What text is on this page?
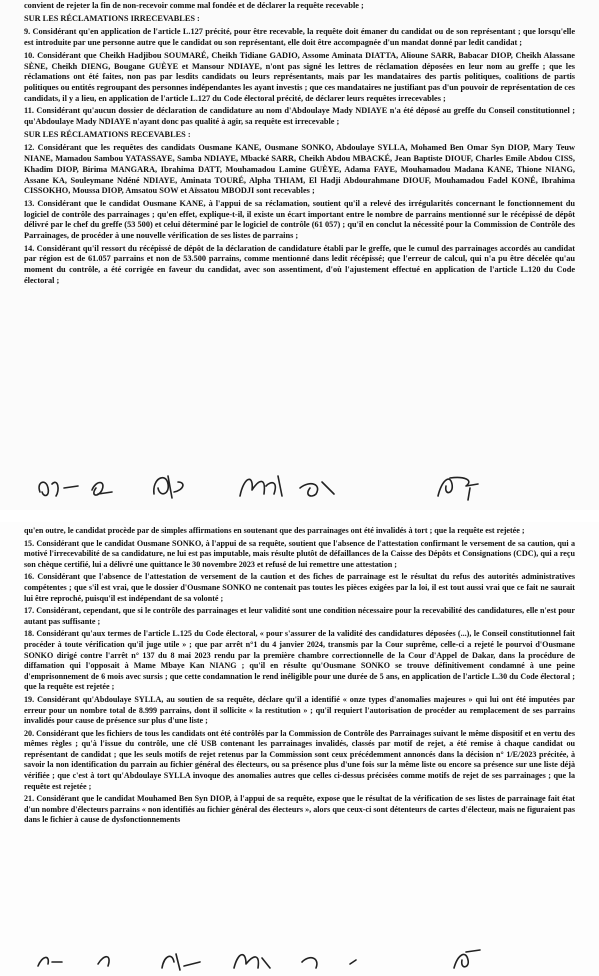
convient de rejeter la fin de non-recevoir comme mal fondée et de déclarer la requête recevable ;

SUR LES RÉCLAMATIONS IRRECEVABLES :

9. Considérant qu'en application de l'article L.127 précité, pour être recevable, la requête doit émaner du candidat ou de son représentant ; que lorsqu'elle est introduite par une personne autre que le candidat ou son représentant, elle doit être accompagnée d'un mandat donné par ledit candidat ;

10. Considérant que Cheikh Hadjibou SOUMARÉ, Cheikh Tidiane GADIO, Assome Aminata DIATTA, Alioune SARR, Babacar DIOP, Cheikh Alassane SÈNE, Cheikh DIENG, Bougane GUÈYE et Mansour NDIAYE, n'ont pas signé les lettres de réclamation déposées en leur nom au greffe ; que les réclamations ont été faites, non pas par lesdits candidats ou leurs représentants, mais par les mandataires des partis politiques, coalitions de partis politiques ou entités regroupant des personnes indépendantes les ayant investis ; que ces mandataires ne justifiant pas d'un pouvoir de représentation de ces candidats, il y a lieu, en application de l'article L.127 du Code électoral précité, de déclarer leurs requêtes irrecevables ;

11. Considérant qu'aucun dossier de déclaration de candidature au nom d'Abdoulaye Mady NDIAYE n'a été déposé au greffe du Conseil constitutionnel ; qu'Abdoulaye Mady NDIAYE n'ayant donc pas qualité à agir, sa requête est irrecevable ;

SUR LES RÉCLAMATIONS RECEVABLES :

12. Considérant que les requêtes des candidats Ousmane KANE, Ousmane SONKO, Abdoulaye SYLLA, Mohamed Ben Omar Syn DIOP, Mary Teuw NIANE, Mamadou Sambou YATASSAYE, Samba NDIAYE, Mbacké SARR, Cheikh Abdou MBACKÉ, Jean Baptiste DIOUF, Charles Emile Abdou CISS, Khadim DIOP, Birima MANGARA, Ibrahima DATT, Mouhamadou Lamine GUÈYE, Adama FAYE, Mouhamadou Madana KANE, Thione NIANG, Assane KA, Souleymane Ndéné NDIAYE, Aminata TOURÉ, Alpha THIAM, El Hadji Abdourahmane DIOUF, Mouhamadou Fadel KONÉ, Ibrahima CISSOKHO, Moussa DIOP, Amsatou SOW et Aïssatou MBODJI sont recevables ;

13. Considérant que le candidat Ousmane KANE, à l'appui de sa réclamation, soutient qu'il a relevé des irrégularités concernant le fonctionnement du logiciel de contrôle des parrainages ; qu'en effet, explique-t-il, il existe un écart important entre le nombre de parrains mentionné sur le récépissé de dépôt délivré par le chef du greffe (53 500) et celui déterminé par le logiciel de contrôle (61 057) ; qu'il en conclut la nécessité pour la Commission de Contrôle des Parrainages, de procéder à une nouvelle vérification de ses listes de parrains ;

14. Considérant qu'il ressort du récépissé de dépôt de la déclaration de candidature établi par le greffe, que le cumul des parrainages accordés au candidat par région est de 61.057 parrains et non de 53.500 parrains, comme mentionné dans ledit récépissé; que l'erreur de calcul, qui n'a pu être décelée qu'au moment du contrôle, a été corrigée en faveur du candidat, avec son assentiment, d'où l'ajustement effectué en application de l'article L.120 du Code électoral ;

qu'en outre, le candidat procède par de simples affirmations en soutenant que des parrainages ont été invalidés à tort ; que la requête est rejetée ;

15. Considérant que le candidat Ousmane SONKO, à l'appui de sa requête, soutient que l'absence de l'attestation confirmant le versement de sa caution, qui a motivé l'irrecevabilité de sa candidature, ne lui est pas imputable, mais résulte plutôt de défaillances de la Caisse des Dépôts et Consignations (CDC), qui a reçu son chèque certifié, lui a délivré une quittance le 30 novembre 2023 et refusé de lui remettre une attestation ;

16. Considérant que l'absence de l'attestation de versement de la caution et des fiches de parrainage est le résultat du refus des autorités administratives compétentes ; que s'il est vrai, que le dossier d'Ousmane SONKO ne contenait pas toutes les pièces exigées par la loi, il est tout aussi vrai que ce fait ne saurait lui être reproché, puisqu'il est indépendant de sa volonté ;

17. Considérant, cependant, que si le contrôle des parrainages et leur validité sont une condition nécessaire pour la recevabilité des candidatures, elle n'est pour autant pas suffisante ;

18. Considérant qu'aux termes de l'article L.125 du Code électoral, « pour s'assurer de la validité des candidatures déposées (...), le Conseil constitutionnel fait procéder à toute vérification qu'il juge utile » ; que par arrêt n°1 du 4 janvier 2024, transmis par la Cour suprême, celle-ci a rejeté le pourvoi d'Ousmane SONKO dirigé contre l'arrêt n° 137 du 8 mai 2023 rendu par la première chambre correctionnelle de la Cour d'Appel de Dakar, dans la procédure de diffamation qui l'opposait à Mame Mbaye Kan NIANG ; qu'il en résulte qu'Ousmane SONKO se trouve définitivement condamné à une peine d'emprisonnement de 6 mois avec sursis ; que cette condamnation le rend inéligible pour une durée de 5 ans, en application de l'article L.30 du Code électoral ; que la requête est rejetée ;

19. Considérant qu'Abdoulaye SYLLA, au soutien de sa requête, déclare qu'il a identifié « onze types d'anomalies majeures » qui lui ont été imputées par erreur pour un nombre total de 8.999 parrains, dont il sollicite « la restitution » ; qu'il requiert l'autorisation de procéder au remplacement de ses parrains invalidés pour cause de présence sur plus d'une liste ;

20. Considérant que les fichiers de tous les candidats ont été contrôlés par la Commission de Contrôle des Parrainages suivant le même dispositif et en vertu des mêmes règles ; qu'à l'issue du contrôle, une clé USB contenant les parrainages invalidés, classés par motif de rejet, a été remise à chaque candidat ou représentant de candidat ; que les seuls motifs de rejet retenus par la Commission sont ceux précédemment annoncés dans la décision n° 1/E/2023 précitée, à savoir la non identification du parrain au fichier général des électeurs, ou sa présence plus d'une fois sur la même liste ou encore sa présence sur une liste déjà vérifiée ; que c'est à tort qu'Abdoulaye SYLLA invoque des anomalies autres que celles ci-dessus précisées comme motifs de rejet de ses parrainages ; que la requête est rejetée ;

21. Considérant que le candidat Mouhamed Ben Syn DIOP, à l'appui de sa requête, expose que le résultat de la vérification de ses listes de parrainage fait état d'un nombre d'électeurs parrains « non identifiés au fichier général des électeurs », alors que ceux-ci sont détenteurs de cartes d'électeur, mais ne figuraient pas dans le fichier à cause de dysfonctionnements
